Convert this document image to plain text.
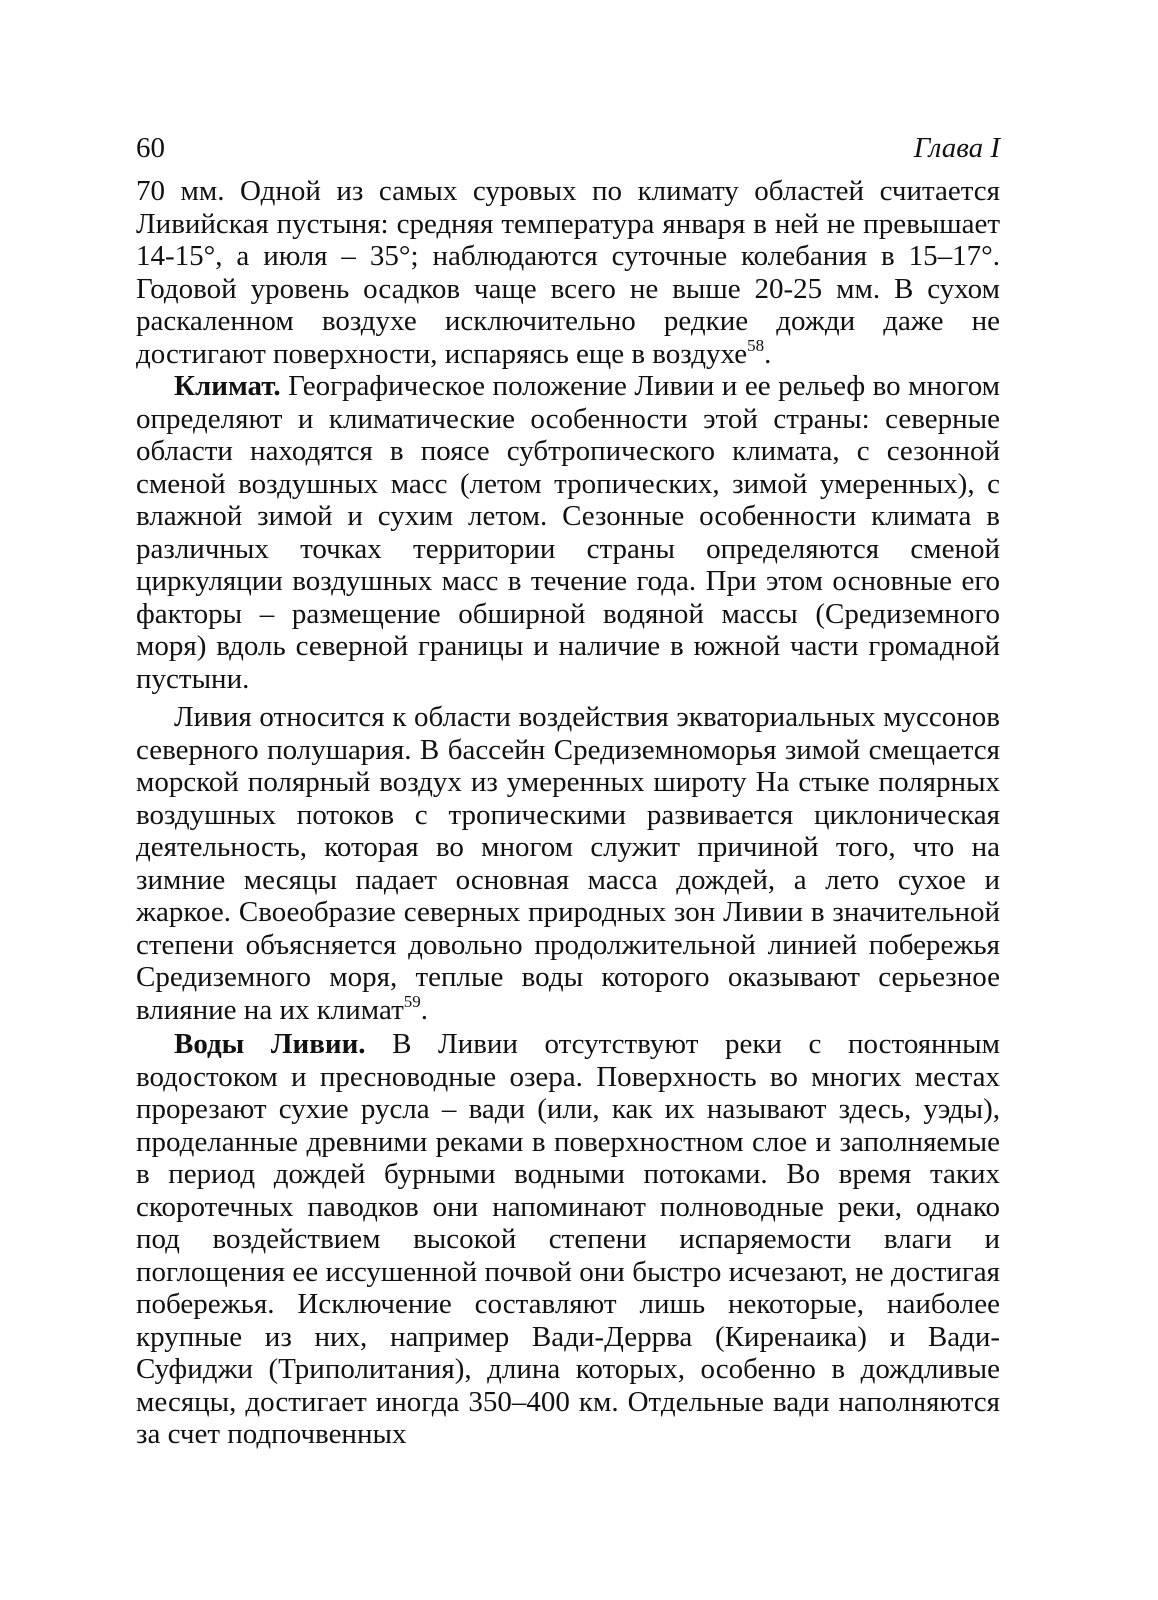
60	Глава I

70 мм. Одной из самых суровых по климату областей считается Ливийская пустыня: средняя температура января в ней не превышает 14-15°, а июля – 35°; наблюдаются суточные колебания в 15–17°. Годовой уровень осадков чаще всего не выше 20-25 мм. В сухом раскаленном воздухе исключительно редкие дожди даже не достигают поверхности, испаряясь еще в воздухе$^{58}$.

Климат. Географическое положение Ливии и ее рельеф во многом определяют и климатические особенности этой страны: северные области находятся в поясе субтропического климата, с сезонной сменой воздушных масс (летом тропических, зимой умеренных), с влажной зимой и сухим летом. Сезонные особенности климата в различных точках территории страны определяются сменой циркуляции воздушных масс в течение года. При этом основные его факторы – размещение обширной водяной массы (Средиземного моря) вдоль северной границы и наличие в южной части громадной пустыни.

Ливия относится к области воздействия экваториальных муссонов северного полушария. В бассейн Средиземноморья зимой смещается морской полярный воздух из умеренных широту На стыке полярных воздушных потоков с тропическими развивается циклоническая деятельность, которая во многом служит причиной того, что на зимние месяцы падает основная масса дождей, а лето сухое и жаркое. Своеобразие северных природных зон Ливии в значительной степени объясняется довольно продолжительной линией побережья Средиземного моря, теплые воды которого оказывают серьезное влияние на их климат$^{59}$.

Воды Ливии. В Ливии отсутствуют реки с постоянным водостоком и пресноводные озера. Поверхность во многих местах прорезают сухие русла – вади (или, как их называют здесь, уэды), проделанные древними реками в поверхностном слое и заполняемые в период дождей бурными водными потоками. Во время таких скоротечных паводков они напоминают полноводные реки, однако под воздействием высокой степени испаряемости влаги и поглощения ее иссушенной почвой они быстро исчезают, не достигая побережья. Исключение составляют лишь некоторые, наиболее крупные из них, например Вади-Деррва (Киренаика) и Вади-Суфиджи (Триполитания), длина которых, особенно в дождливые месяцы, достигает иногда 350–400 км. Отдельные вади наполняются за счет подпочвенных
